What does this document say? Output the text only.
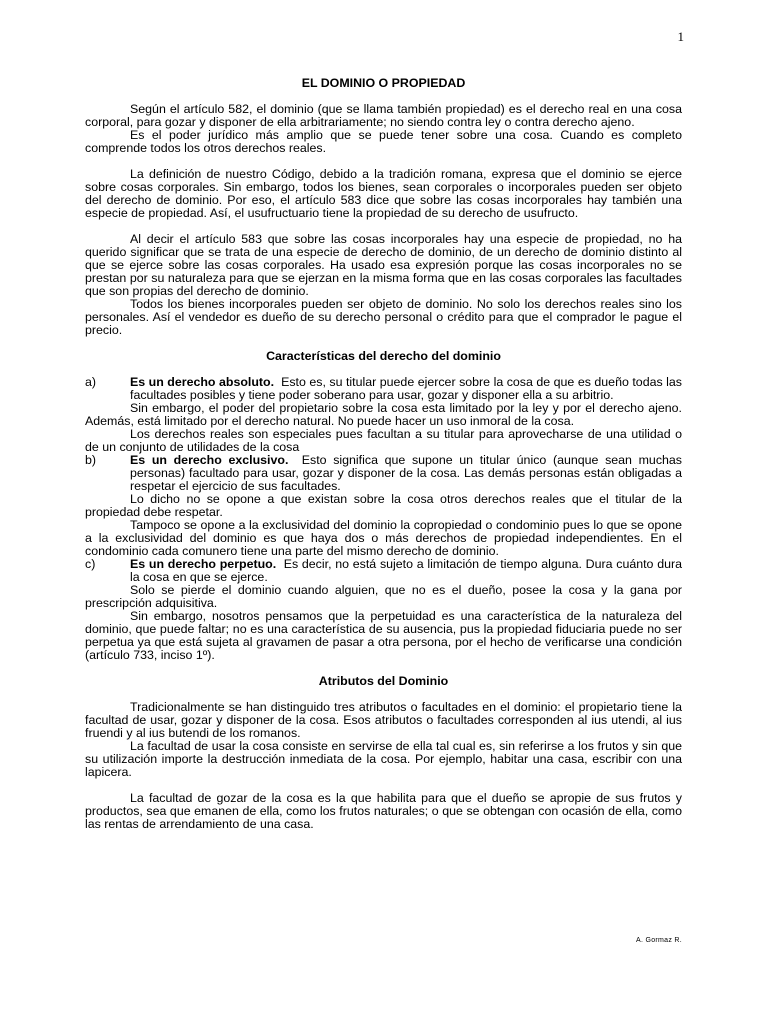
1
EL DOMINIO O PROPIEDAD

Según el artículo 582, el dominio (que se llama también propiedad) es el derecho real en una cosa corporal, para gozar y disponer de ella arbitrariamente; no siendo contra ley o contra derecho ajeno.

Es el poder jurídico más amplio que se puede tener sobre una cosa. Cuando es completo comprende todos los otros derechos reales.

La definición de nuestro Código, debido a la tradición romana, expresa que el dominio se ejerce sobre cosas corporales. Sin embargo, todos los bienes, sean corporales o incorporales pueden ser objeto del derecho de dominio. Por eso, el artículo 583 dice que sobre las cosas incorporales hay también una especie de propiedad. Así, el usufructuario tiene la propiedad de su derecho de usufructo.

Al decir el artículo 583 que sobre las cosas incorporales hay una especie de propiedad, no ha querido significar que se trata de una especie de derecho de dominio, de un derecho de dominio distinto al que se ejerce sobre las cosas corporales. Ha usado esa expresión porque las cosas incorporales no se prestan por su naturaleza para que se ejerzan en la misma forma que en las cosas corporales las facultades que son propias del derecho de dominio.

Todos los bienes incorporales pueden ser objeto de dominio. No solo los derechos reales sino los personales. Así el vendedor es dueño de su derecho personal o crédito para que el comprador le pague el precio.

Características del derecho del dominio
a)	Es un derecho absoluto. Esto es, su titular puede ejercer sobre la cosa de que es dueño todas las facultades posibles y tiene poder soberano para usar, gozar y disponer ella a su arbitrio.

Sin embargo, el poder del propietario sobre la cosa esta limitado por la ley y por el derecho ajeno. Además, está limitado por el derecho natural. No puede hacer un uso inmoral de la cosa.

Los derechos reales son especiales pues facultan a su titular para aprovecharse de una utilidad o de un conjunto de utilidades de la cosa

b)	Es un derecho exclusivo. Esto significa que supone un titular único (aunque sean muchas personas) facultado para usar, gozar y disponer de la cosa. Las demás personas están obligadas a respetar el ejercicio de sus facultades.

Lo dicho no se opone a que existan sobre la cosa otros derechos reales que el titular de la propiedad debe respetar.

Tampoco se opone a la exclusividad del dominio la copropiedad o condominio pues lo que se opone a la exclusividad del dominio es que haya dos o más derechos de propiedad independientes. En el condominio cada comunero tiene una parte del mismo derecho de dominio.

c)	Es un derecho perpetuo. Es decir, no está sujeto a limitación de tiempo alguna. Dura cuánto dura la cosa en que se ejerce.

Solo se pierde el dominio cuando alguien, que no es el dueño, posee la cosa y la gana por prescripción adquisitiva.

Sin embargo, nosotros pensamos que la perpetuidad es una característica de la naturaleza del dominio, que puede faltar; no es una característica de su ausencia, pus la propiedad fiduciaria puede no ser perpetua ya que está sujeta al gravamen de pasar a otra persona, por el hecho de verificarse una condición (artículo 733, inciso 1º).

Atributos del Dominio

Tradicionalmente se han distinguido tres atributos o facultades en el dominio: el propietario tiene la facultad de usar, gozar y disponer de la cosa. Esos atributos o facultades corresponden al ius utendi, al ius fruendi y al ius butendi de los romanos.

La facultad de usar la cosa consiste en servirse de ella tal cual es, sin referirse a los frutos y sin que su utilización importe la destrucción inmediata de la cosa. Por ejemplo, habitar una casa, escribir con una lapicera.

La facultad de gozar de la cosa es la que habilita para que el dueño se apropie de sus frutos y productos, sea que emanen de ella, como los frutos naturales; o que se obtengan con ocasión de ella, como las rentas de arrendamiento de una casa.

A. Gormaz R.
